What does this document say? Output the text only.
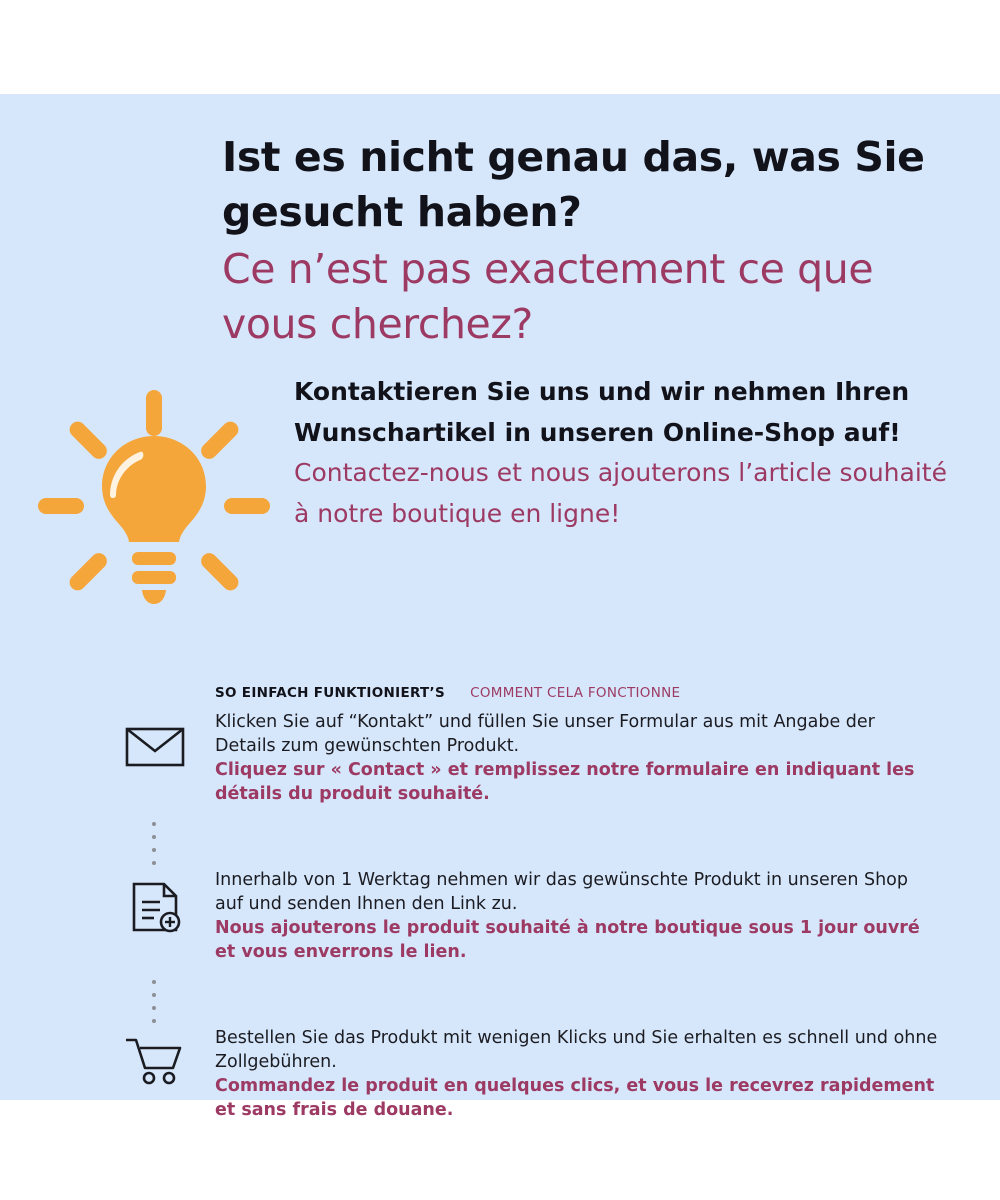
Ist es nicht genau das, was Sie gesucht haben?
Ce n’est pas exactement ce que vous cherchez?
Kontaktieren Sie uns und wir nehmen Ihren Wunschartikel in unseren Online-Shop auf!
Contactez-nous et nous ajouterons l’article souhaité à notre boutique en ligne!
SO EINFACH FUNKTIONIERT’S COMMENT CELA FONCTIONNE
Klicken Sie auf “Kontakt” und füllen Sie unser Formular aus mit Angabe der Details zum gewünschten Produkt.
Cliquez sur « Contact » et remplissez notre formulaire en indiquant les détails du produit souhaité.
Innerhalb von 1 Werktag nehmen wir das gewünschte Produkt in unseren Shop auf und senden Ihnen den Link zu.
Nous ajouterons le produit souhaité à notre boutique sous 1 jour ouvré et vous enverrons le lien.
Bestellen Sie das Produkt mit wenigen Klicks und Sie erhalten es schnell und ohne Zollgebühren.
Commandez le produit en quelques clics, et vous le recevrez rapidement et sans frais de douane.
